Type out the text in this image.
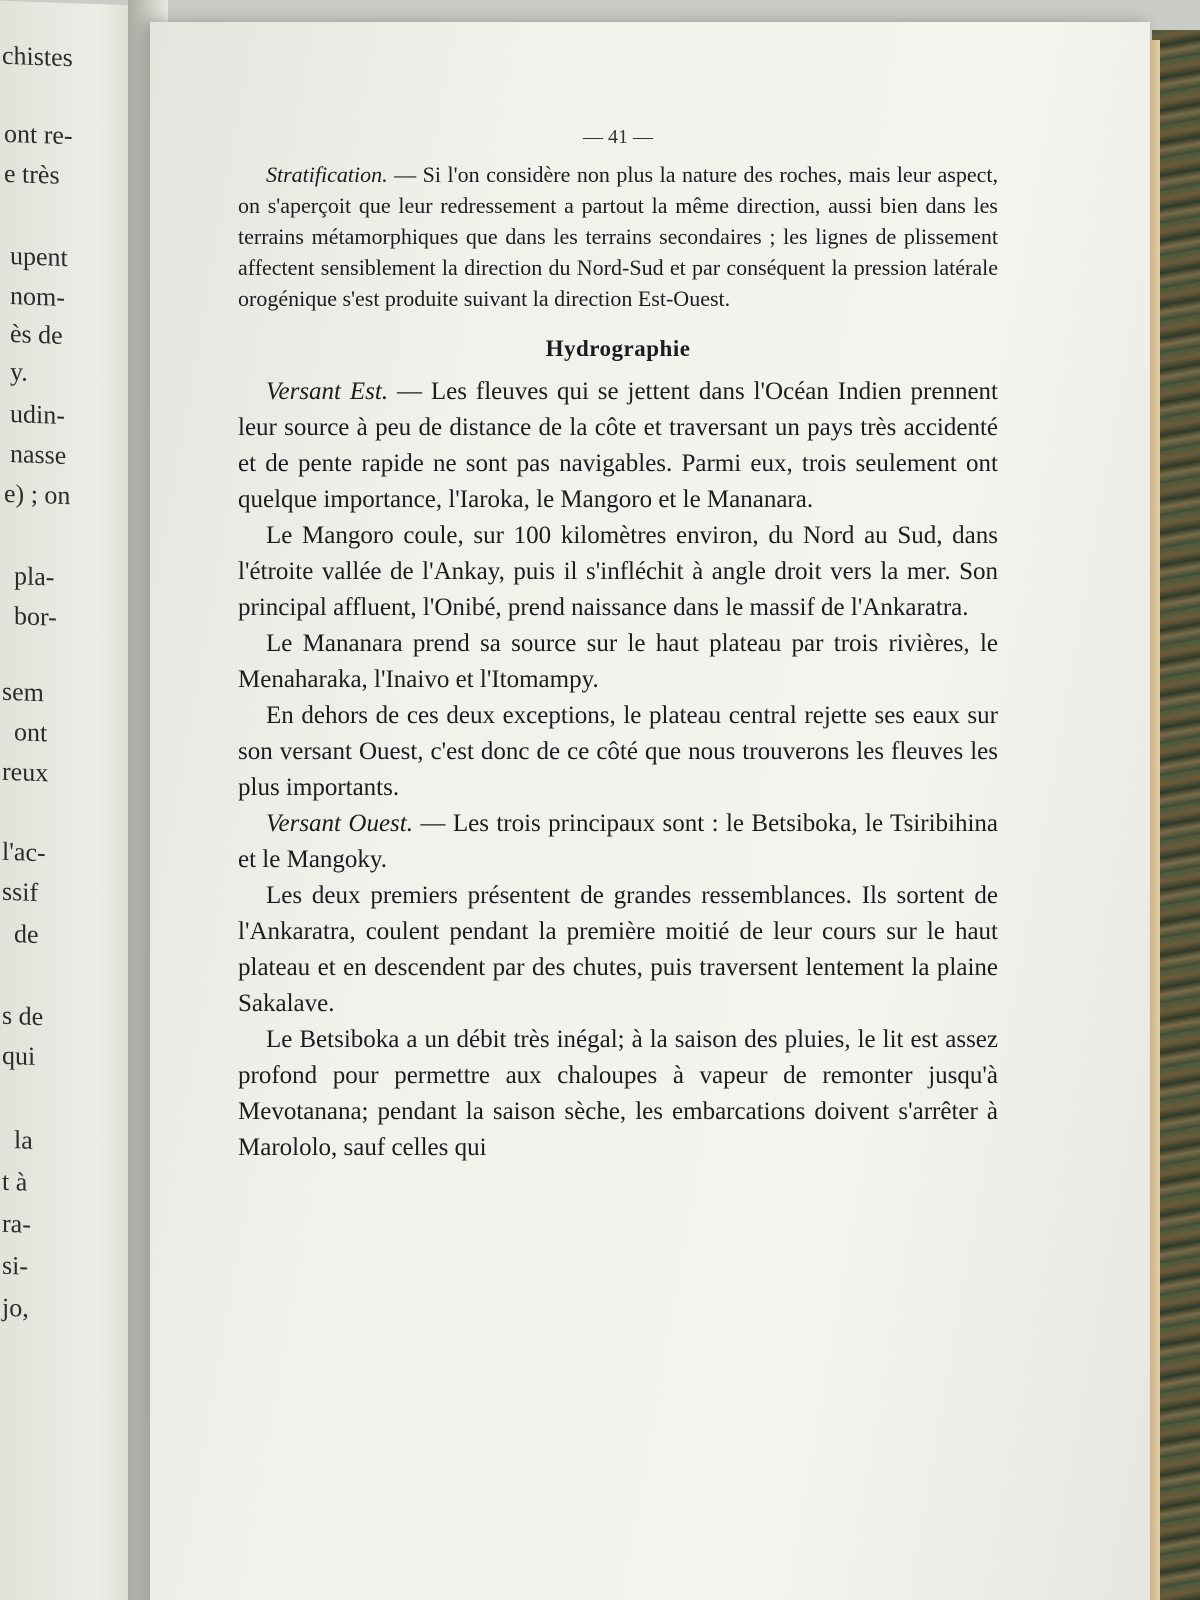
chistes
ont re-
e très
upent
nom-
ès de
y.
udin-
nasse
e) ; on
pla-
bor-
sem
ont
reux
l'ac-
ssif
de
s de
qui
la
t à
ra-
si-
jo,

— 41 —

Stratification. — Si l'on considère non plus la nature des roches, mais leur aspect, on s'aperçoit que leur redressement a partout la même direction, aussi bien dans les terrains métamorphiques que dans les terrains secondaires ; les lignes de plissement affectent sensiblement la direction du Nord-Sud et par conséquent la pression latérale orogénique s'est produite suivant la direction Est-Ouest.

Hydrographie

Versant Est. — Les fleuves qui se jettent dans l'Océan Indien prennent leur source à peu de distance de la côte et traversant un pays très accidenté et de pente rapide ne sont pas navigables. Parmi eux, trois seulement ont quelque importance, l'Iaroka, le Mangoro et le Mananara.

Le Mangoro coule, sur 100 kilomètres environ, du Nord au Sud, dans l'étroite vallée de l'Ankay, puis il s'infléchit à angle droit vers la mer. Son principal affluent, l'Onibé, prend naissance dans le massif de l'Ankaratra.

Le Mananara prend sa source sur le haut plateau par trois rivières, le Menaharaka, l'Inaivo et l'Itomampy.

En dehors de ces deux exceptions, le plateau central rejette ses eaux sur son versant Ouest, c'est donc de ce côté que nous trouverons les fleuves les plus importants.

Versant Ouest. — Les trois principaux sont : le Betsiboka, le Tsiribihina et le Mangoky.

Les deux premiers présentent de grandes ressemblances. Ils sortent de l'Ankaratra, coulent pendant la première moitié de leur cours sur le haut plateau et en descendent par des chutes, puis traversent lentement la plaine Sakalave.

Le Betsiboka a un débit très inégal; à la saison des pluies, le lit est assez profond pour permettre aux chaloupes à vapeur de remonter jusqu'à Mevotanana; pendant la saison sèche, les embarcations doivent s'arrêter à Marololo, sauf celles qui
